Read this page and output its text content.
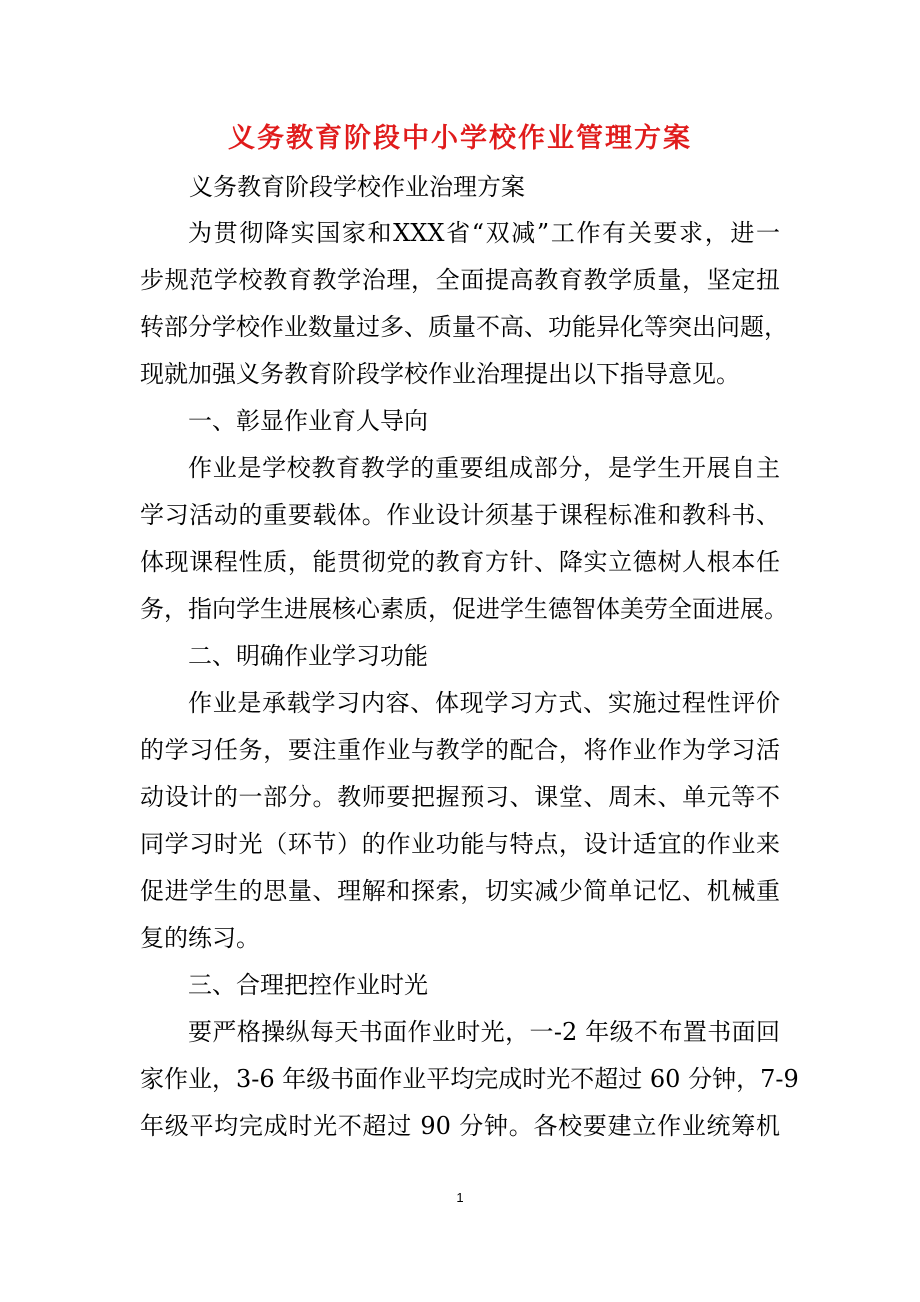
义务教育阶段中小学校作业管理方案
义务教育阶段学校作业治理方案
为贯彻降实国家和XXX省“双减”工作有关要求，进一
步规范学校教育教学治理，全面提高教育教学质量，坚定扭
转部分学校作业数量过多、质量不高、功能异化等突出问题，
现就加强义务教育阶段学校作业治理提出以下指导意见。
一、彰显作业育人导向
作业是学校教育教学的重要组成部分，是学生开展自主
学习活动的重要载体。作业设计须基于课程标准和教科书、
体现课程性质，能贯彻党的教育方针、降实立德树人根本任
务，指向学生进展核心素质，促进学生德智体美劳全面进展。
二、明确作业学习功能
作业是承载学习内容、体现学习方式、实施过程性评价
的学习任务，要注重作业与教学的配合，将作业作为学习活
动设计的一部分。教师要把握预习、课堂、周末、单元等不
同学习时光（环节）的作业功能与特点，设计适宜的作业来
促进学生的思量、理解和探索，切实减少简单记忆、机械重
复的练习。
三、合理把控作业时光
要严格操纵每天书面作业时光，一-2 年级不布置书面回
家作业，3-6 年级书面作业平均完成时光不超过 60 分钟，7-9
年级平均完成时光不超过 90 分钟。各校要建立作业统筹机
1
